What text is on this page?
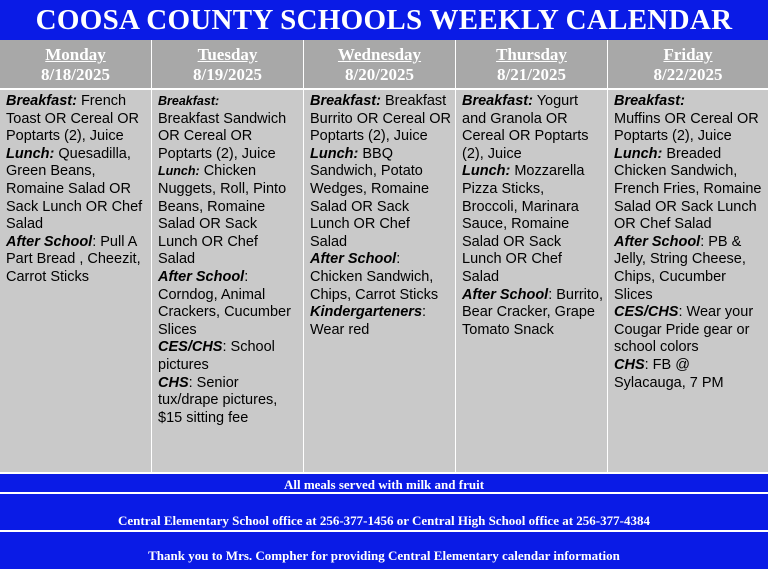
COOSA COUNTY SCHOOLS WEEKLY CALENDAR
Monday
8/18/2025
Breakfast: French Toast OR Cereal OR Poptarts (2), Juice
Lunch: Quesadilla, Green Beans, Romaine Salad OR Sack Lunch OR Chef Salad
After School: Pull A Part Bread , Cheezit, Carrot Sticks
Tuesday
8/19/2025
Breakfast:
Breakfast Sandwich OR Cereal OR Poptarts (2), Juice
Lunch: Chicken Nuggets, Roll, Pinto Beans, Romaine Salad OR Sack Lunch OR Chef Salad
After School: Corndog, Animal Crackers, Cucumber Slices
CES/CHS: School pictures
CHS: Senior tux/drape pictures, $15 sitting fee
Wednesday
8/20/2025
Breakfast: Breakfast Burrito OR Cereal OR Poptarts (2), Juice
Lunch: BBQ Sandwich, Potato Wedges, Romaine Salad OR Sack Lunch OR Chef Salad
After School: Chicken Sandwich, Chips, Carrot Sticks
Kindergarteners: Wear red
Thursday
8/21/2025
Breakfast: Yogurt and Granola OR Cereal OR Poptarts (2), Juice
Lunch: Mozzarella Pizza Sticks, Broccoli, Marinara Sauce, Romaine Salad OR Sack Lunch OR Chef Salad
After School: Burrito, Bear Cracker, Grape Tomato Snack
Friday
8/22/2025
Breakfast:
Muffins OR Cereal OR Poptarts (2), Juice
Lunch: Breaded Chicken Sandwich, French Fries, Romaine Salad OR Sack Lunch OR Chef Salad
After School: PB & Jelly, String Cheese, Chips, Cucumber Slices
CES/CHS: Wear your Cougar Pride gear or school colors
CHS: FB @ Sylacauga, 7 PM
All meals served with milk and fruit
Central Elementary School office at 256-377-1456 or Central High School office at 256-377-4384
Thank you to Mrs. Compher for providing Central Elementary calendar information
